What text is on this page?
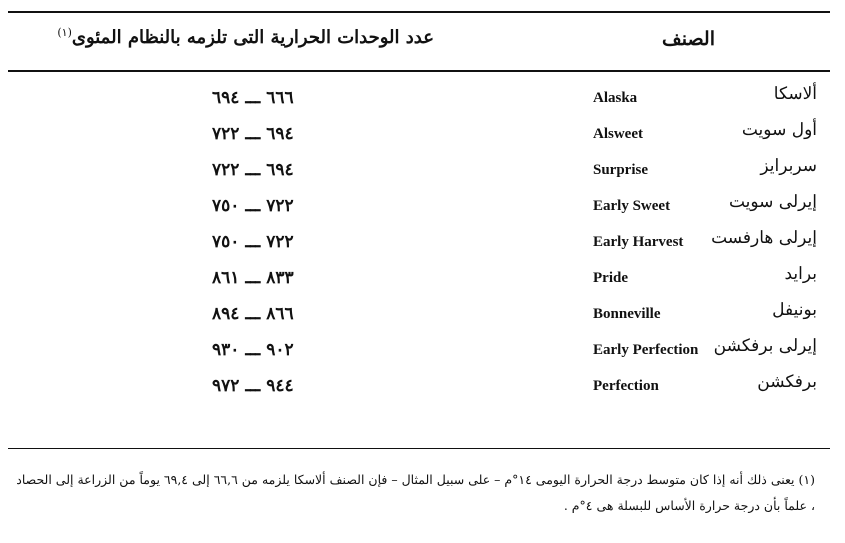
الصنف
عدد الوحدات الحرارية التى تلزمه بالنظام المئوى$^{(١)}$
٦٦٦ ـــ ٦٩٤	Alaska	ألاسكا
٦٩٤ ـــ ٧٢٢	Alsweet	أول سويت
٦٩٤ ـــ ٧٢٢	Surprise	سربرايز
٧٢٢ ـــ ٧٥٠	Early Sweet	إيرلى سويت
٧٢٢ ـــ ٧٥٠	Early Harvest إيرلى هارفست
٨٣٣ ـــ ٨٦١	Pride	برايد
٨٦٦ ـــ ٨٩٤	Bonneville	بونيفل
٩٠٢ ـــ ٩٣٠	Early Perfection إيرلى برفكشن
٩٤٤ ـــ ٩٧٢	Perfection	برفكشن
(١) يعنى ذلك أنه إذا كان متوسط درجة الحرارة اليومى ١٤°م – على سبيل المثال – فإن الصنف ألاسكا يلزمه من ٦٦,٦ إلى ٦٩,٤ يوماً من الزراعة إلى الحصاد ، علماً بأن درجة حرارة الأساس للبسلة هى ٤°م .
